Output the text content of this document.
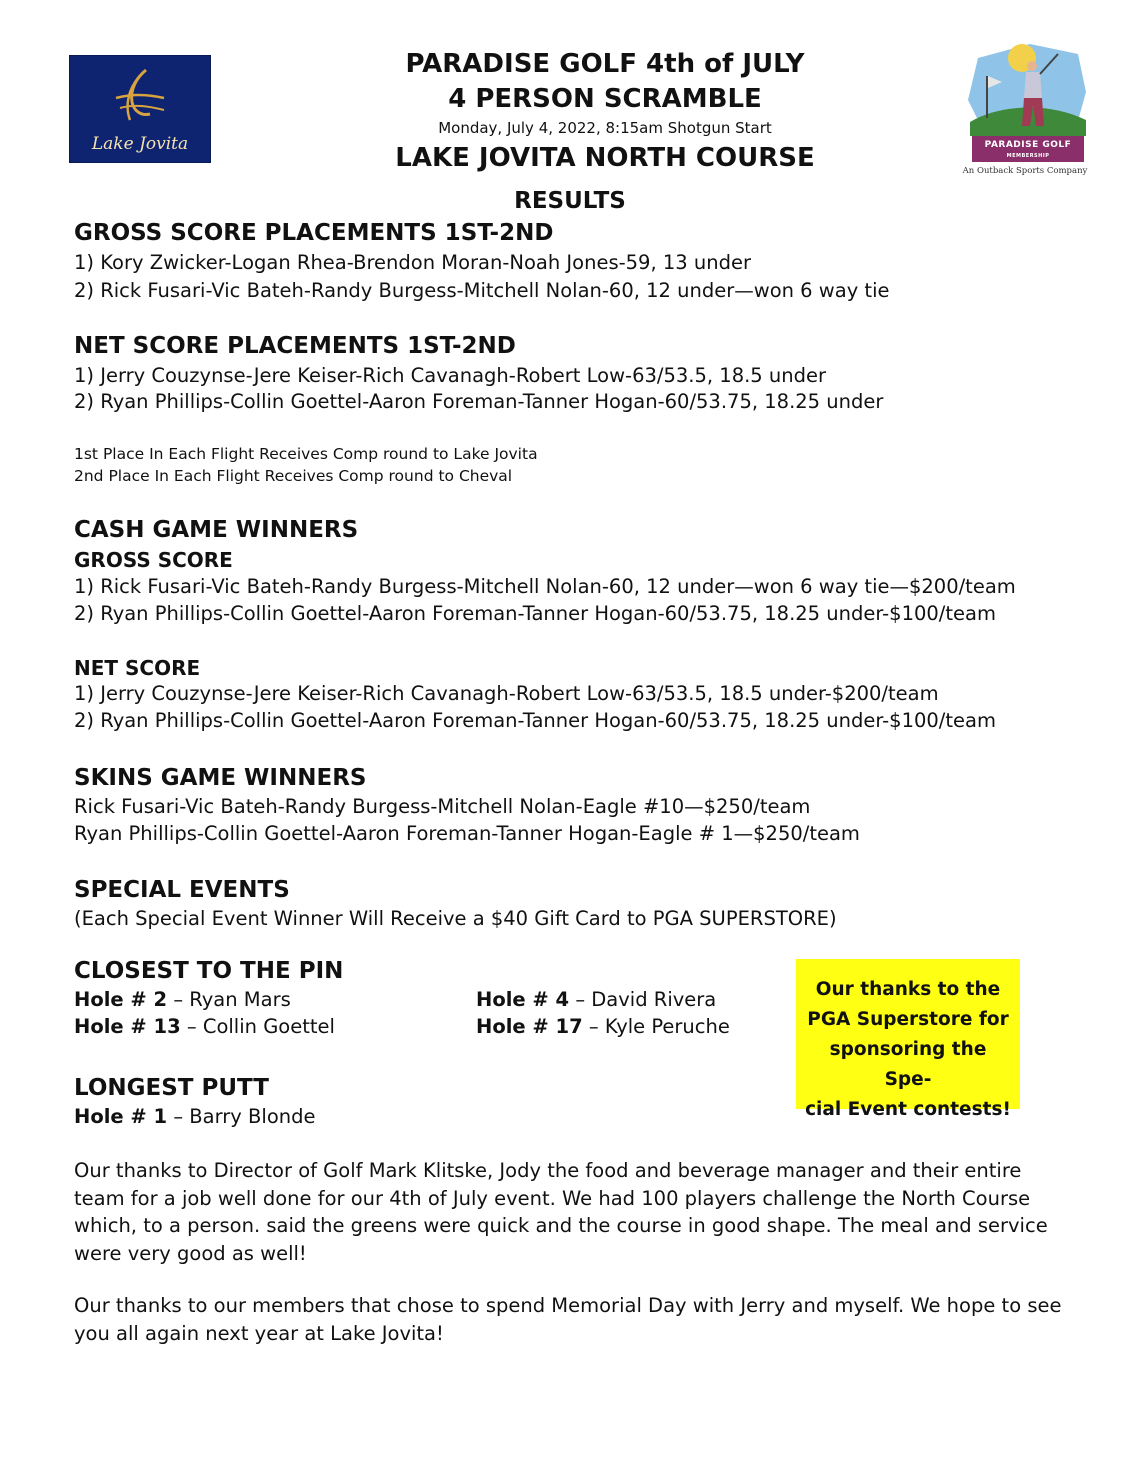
Lake Jovita	PARADISE GOLF
$^{MEMBERSHIP}$
An Outback Sports Company
PARADISE GOLF 4th of JULY
4 PERSON SCRAMBLE
Monday, July 4, 2022, 8:15am Shotgun Start
LAKE JOVITA NORTH COURSE
RESULTS
GROSS SCORE PLACEMENTS 1ST-2ND
1) Kory Zwicker-Logan Rhea-Brendon Moran-Noah Jones-59, 13 under
2) Rick Fusari-Vic Bateh-Randy Burgess-Mitchell Nolan-60, 12 under—won 6 way tie
NET SCORE PLACEMENTS 1ST-2ND
1) Jerry Couzynse-Jere Keiser-Rich Cavanagh-Robert Low-63/53.5, 18.5 under
2) Ryan Phillips-Collin Goettel-Aaron Foreman-Tanner Hogan-60/53.75, 18.25 under
1st Place In Each Flight Receives Comp round to Lake Jovita
2nd Place In Each Flight Receives Comp round to Cheval
CASH GAME WINNERS
GROSS SCORE
1) Rick Fusari-Vic Bateh-Randy Burgess-Mitchell Nolan-60, 12 under—won 6 way tie—$200/team
2) Ryan Phillips-Collin Goettel-Aaron Foreman-Tanner Hogan-60/53.75, 18.25 under-$100/team
NET SCORE
1) Jerry Couzynse-Jere Keiser-Rich Cavanagh-Robert Low-63/53.5, 18.5 under-$200/team
2) Ryan Phillips-Collin Goettel-Aaron Foreman-Tanner Hogan-60/53.75, 18.25 under-$100/team
SKINS GAME WINNERS
Rick Fusari-Vic Bateh-Randy Burgess-Mitchell Nolan-Eagle #10—$250/team
Ryan Phillips-Collin Goettel-Aaron Foreman-Tanner Hogan-Eagle # 1—$250/team
SPECIAL EVENTS
(Each Special Event Winner Will Receive a $40 Gift Card to PGA SUPERSTORE)
CLOSEST TO THE PIN
Hole # 2 – Ryan Mars
Hole # 13 – Collin Goettel
Hole # 4 – David Rivera
Hole # 17 – Kyle Peruche
Our thanks to the
PGA Superstore for
sponsoring the Spe-
cial Event contests!
LONGEST PUTT
Hole # 1 – Barry Blonde
Our thanks to Director of Golf Mark Klitske, Jody the food and beverage manager and their entire team for a job well done for our 4th of July event. We had 100 players challenge the North Course which, to a person. said the greens were quick and the course in good shape. The meal and service were very good as well!
Our thanks to our members that chose to spend Memorial Day with Jerry and myself. We hope to see you all again next year at Lake Jovita!
